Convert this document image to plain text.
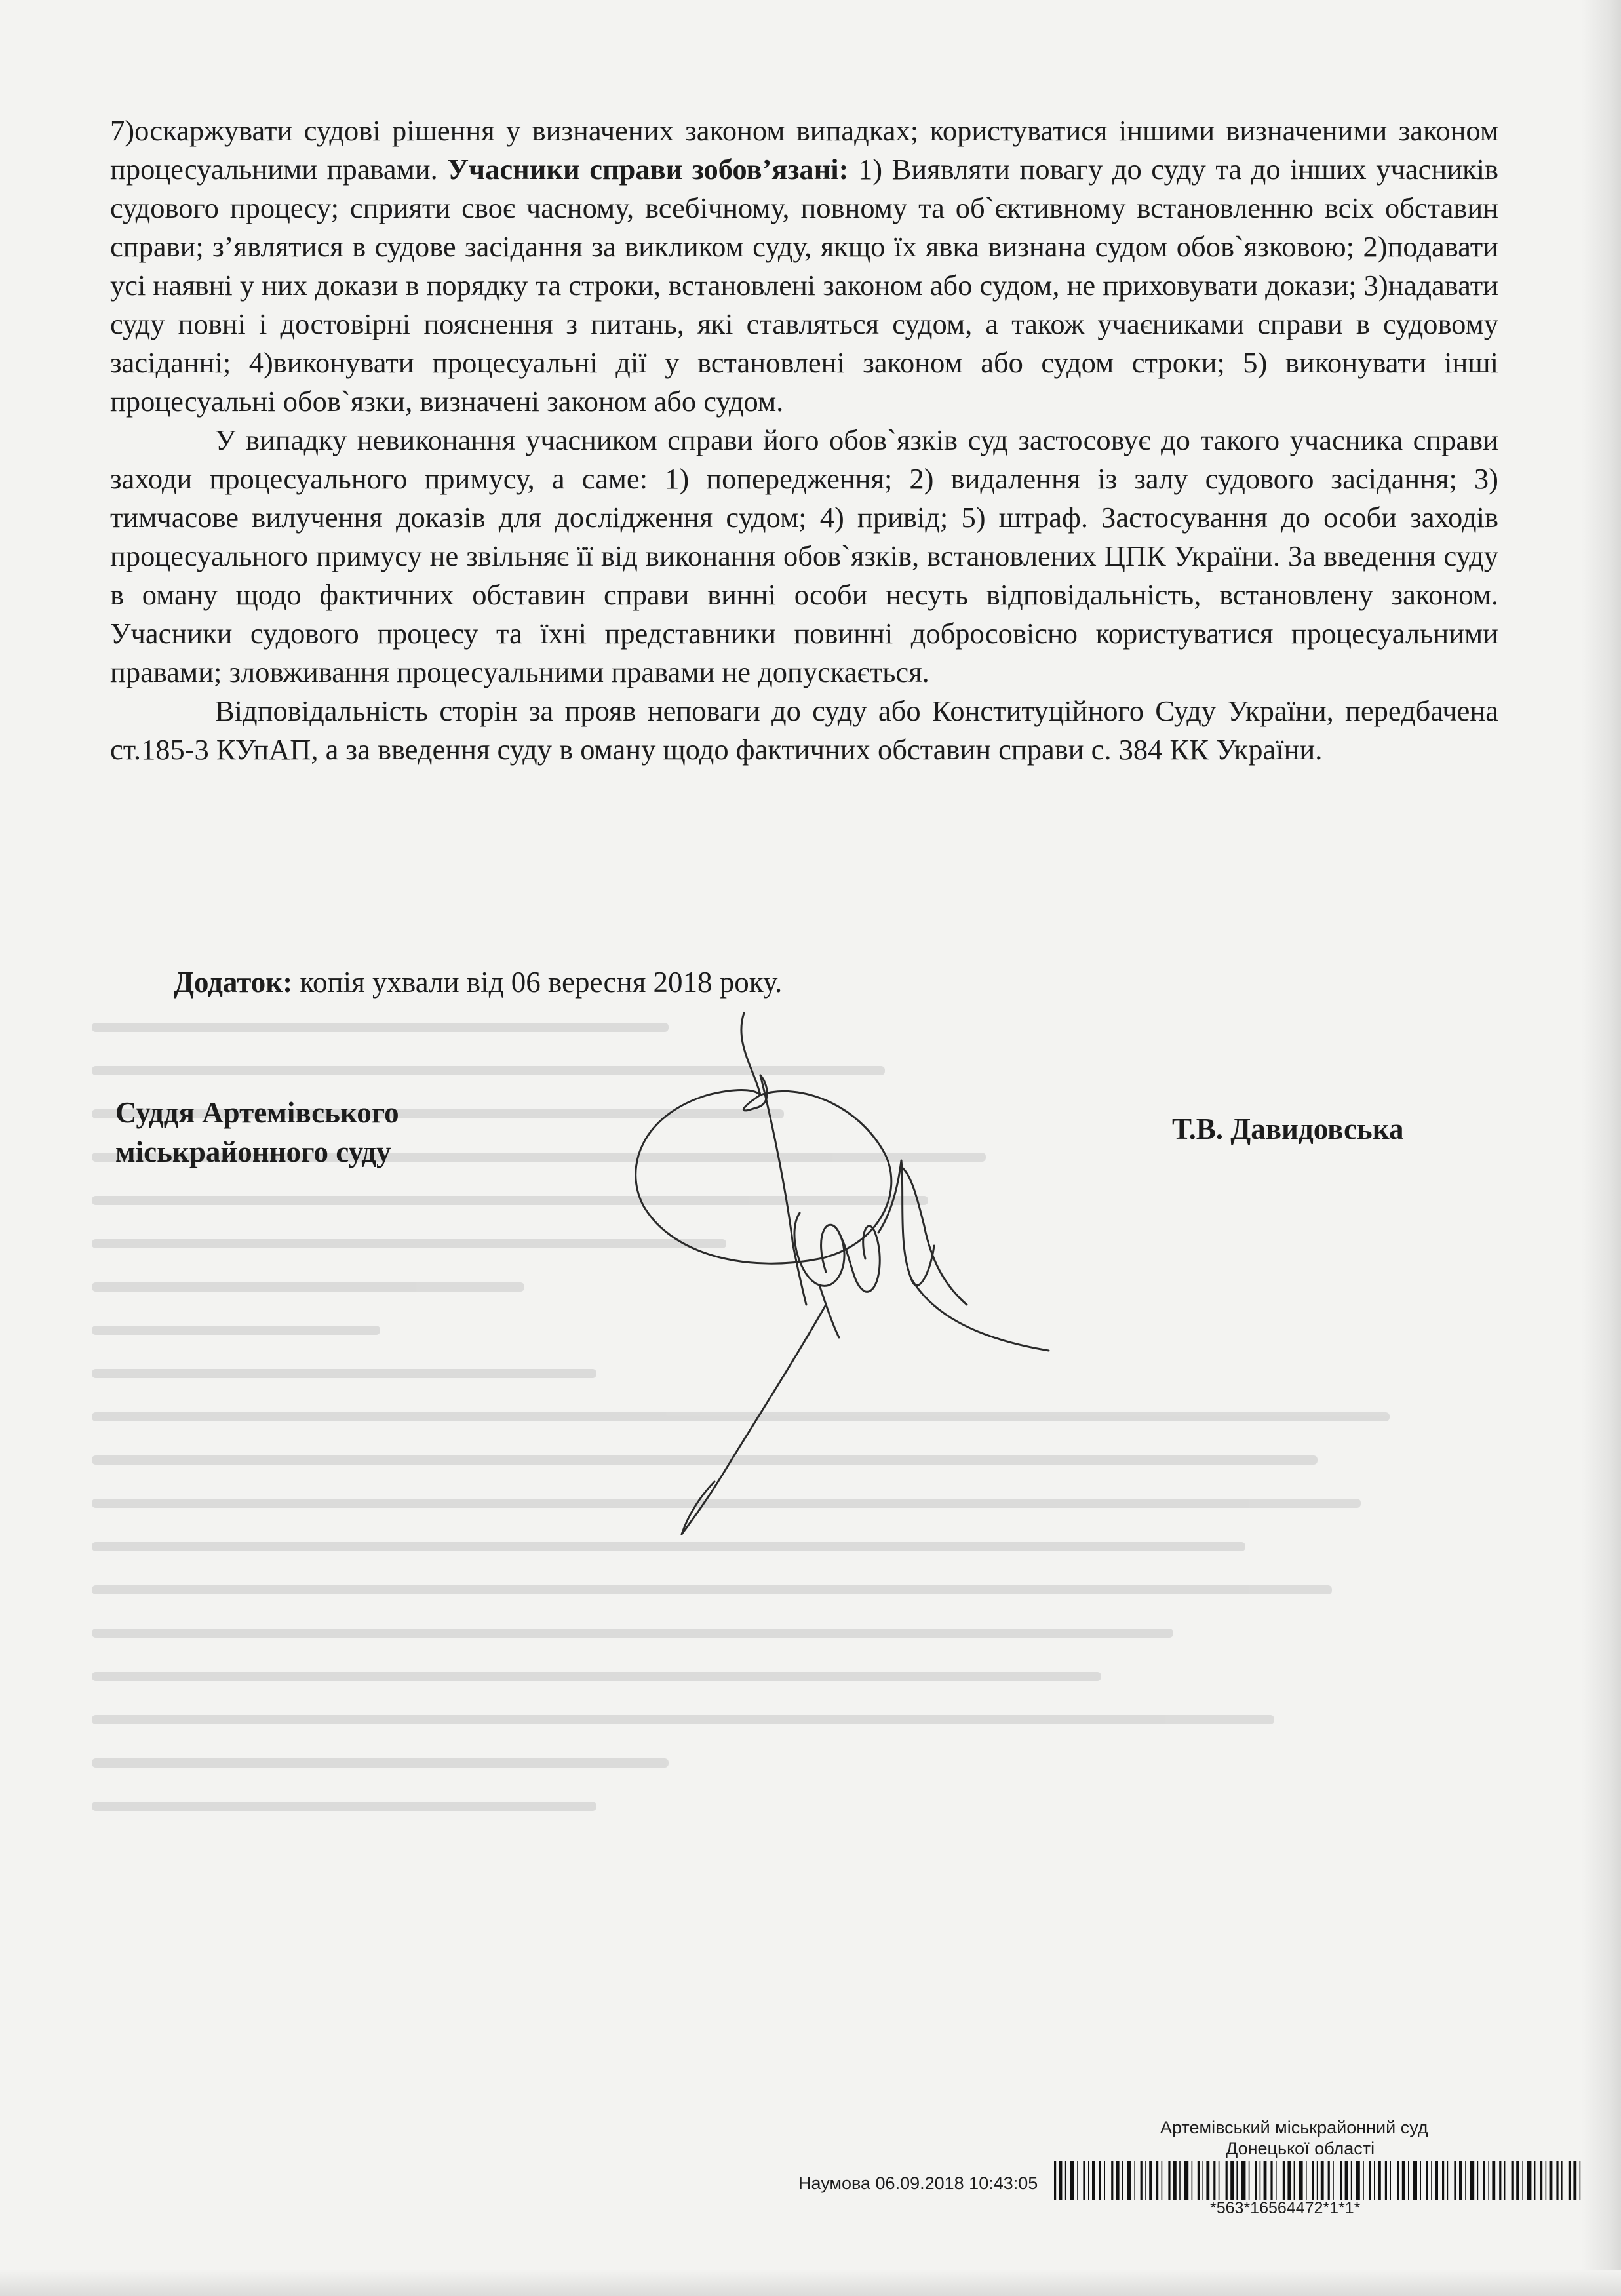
7)оскаржувати судові рішення у визначених законом випадках; користуватися іншими визначеними законом процесуальними правами. Учасники справи зобов’язані: 1) Виявляти повагу до суду та до інших учасників судового процесу; сприяти своє часному, всебічному, повному та об`єктивному встановленню всіх обставин справи; з’являтися в судове засідання за викликом суду, якщо їх явка визнана судом обов`язковою; 2)подавати усі наявні у них докази в порядку та строки, встановлені законом або судом, не приховувати докази; 3)надавати суду повні і достовірні пояснення з питань, які ставляться судом, а також учаєниками справи в судовому засіданні; 4)виконувати процесуальні дії у встановлені законом або судом строки; 5) виконувати інші процесуальні обов`язки, визначені законом або судом.

У випадку невиконання учасником справи його обов`язків суд застосовує до такого учасника справи заходи процесуального примусу, а саме: 1) попередження; 2) видалення із залу судового засідання; 3) тимчасове вилучення доказів для дослідження судом; 4) привід; 5) штраф. Застосування до особи заходів процесуального примусу не звільняє її від виконання обов`язків, встановлених ЦПК України. За введення суду в оману щодо фактичних обставин справи винні особи несуть відповідальність, встановлену законом. Учасники судового процесу та їхні представники повинні добросовісно користуватися процесуальними правами; зловживання процесуальними правами не допускається.

Відповідальність сторін за прояв неповаги до суду або Конституційного Суду України, передбачена ст.185-3 КУпАП, а за введення суду в оману щодо фактичних обставин справи с. 384 КК України.

Додаток: копія ухвали від 06 вересня 2018 року.
Суддя Артемівського
міськрайонного суду
Т.В. Давидовська
Артемівський міськрайонний суд
Донецької області
Наумова 06.09.2018 10:43:05
*563*16564472*1*1*
